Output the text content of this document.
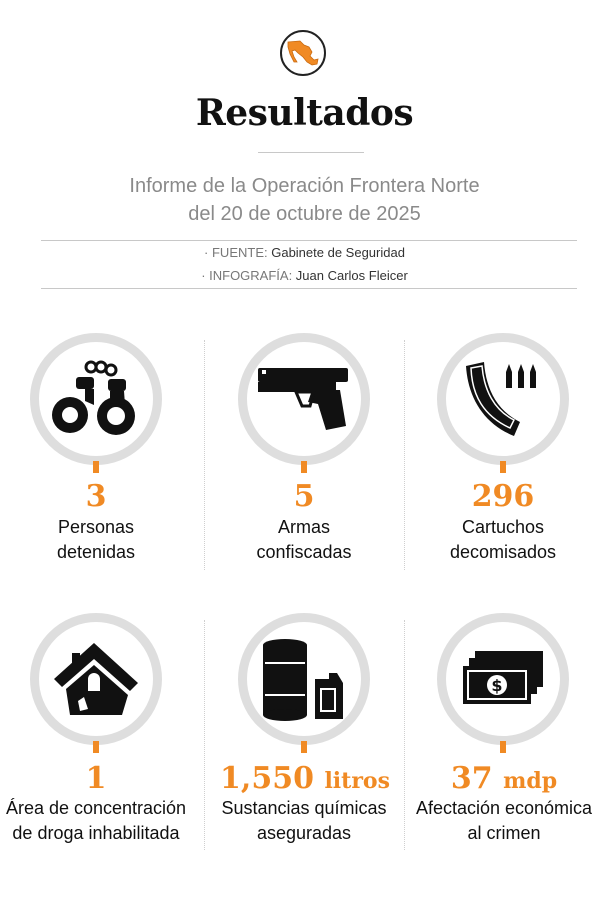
Resultados
Informe de la Operación Frontera Norte
del 20 de octubre de 2025
· FUENTE: Gabinete de Seguridad
· INFOGRAFÍA: Juan Carlos Fleicer
3
Personas
detenidas
5
Armas
confiscadas
296
Cartuchos
decomisados
1
Área de concentración
de droga inhabilitada
1,550 litros
Sustancias químicas
aseguradas
$
37 mdp
Afectación económica
al crimen
